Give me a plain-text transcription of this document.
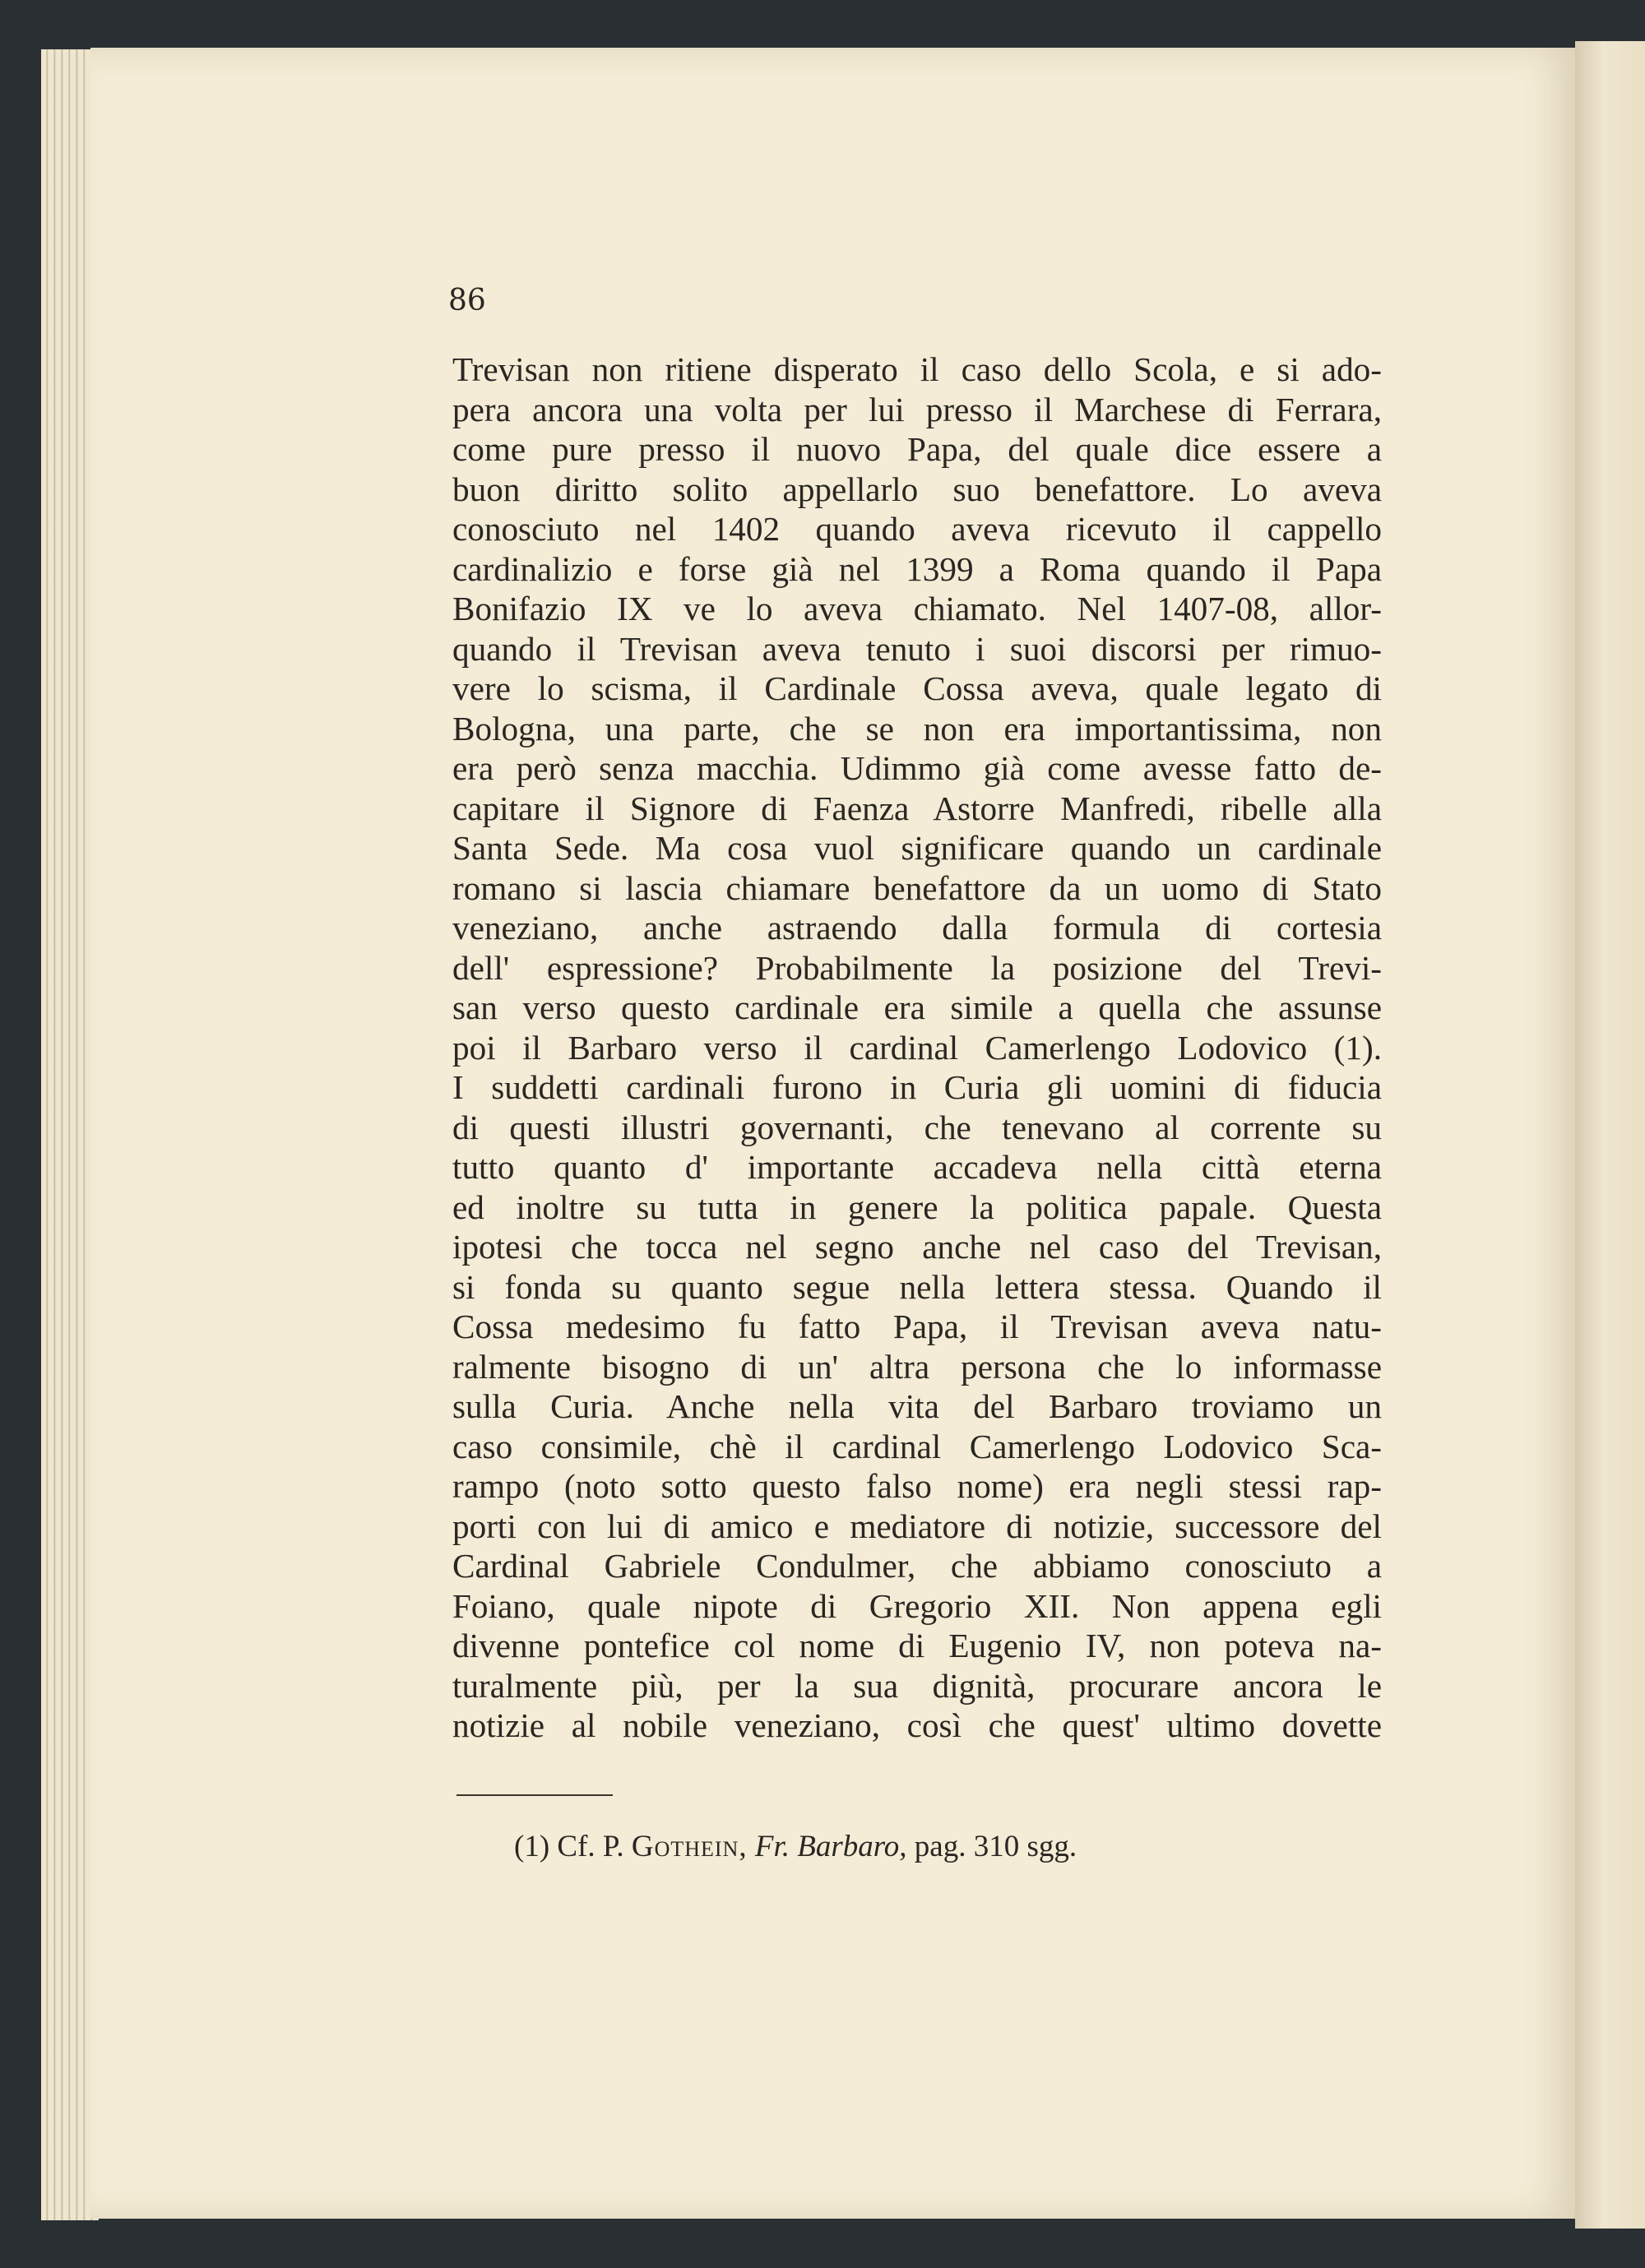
86

Trevisan non ritiene disperato il caso dello Scola, e si ado-
pera ancora una volta per lui presso il Marchese di Ferrara,
come pure presso il nuovo Papa, del quale dice essere a
buon diritto solito appellarlo suo benefattore. Lo aveva
conosciuto nel 1402 quando aveva ricevuto il cappello
cardinalizio e forse già nel 1399 a Roma quando il Papa
Bonifazio IX ve lo aveva chiamato. Nel 1407-08, allor-
quando il Trevisan aveva tenuto i suoi discorsi per rimuo-
vere lo scisma, il Cardinale Cossa aveva, quale legato di
Bologna, una parte, che se non era importantissima, non
era però senza macchia. Udimmo già come avesse fatto de-
capitare il Signore di Faenza Astorre Manfredi, ribelle alla
Santa Sede. Ma cosa vuol significare quando un cardinale
romano si lascia chiamare benefattore da un uomo di Stato
veneziano, anche astraendo dalla formula di cortesia
dell' espressione? Probabilmente la posizione del Trevi-
san verso questo cardinale era simile a quella che assunse
poi il Barbaro verso il cardinal Camerlengo Lodovico (1).
I suddetti cardinali furono in Curia gli uomini di fiducia
di questi illustri governanti, che tenevano al corrente su
tutto quanto d' importante accadeva nella città eterna
ed inoltre su tutta in genere la politica papale. Questa
ipotesi che tocca nel segno anche nel caso del Trevisan,
si fonda su quanto segue nella lettera stessa. Quando il
Cossa medesimo fu fatto Papa, il Trevisan aveva natu-
ralmente bisogno di un' altra persona che lo informasse
sulla Curia. Anche nella vita del Barbaro troviamo un
caso consimile, chè il cardinal Camerlengo Lodovico Sca-
rampo (noto sotto questo falso nome) era negli stessi rap-
porti con lui di amico e mediatore di notizie, successore del
Cardinal Gabriele Condulmer, che abbiamo conosciuto a
Foiano, quale nipote di Gregorio XII. Non appena egli
divenne pontefice col nome di Eugenio IV, non poteva na-
turalmente più, per la sua dignità, procurare ancora le
notizie al nobile veneziano, così che quest' ultimo dovette

(1) Cf. P. Gothein, Fr. Barbaro, pag. 310 sgg.
